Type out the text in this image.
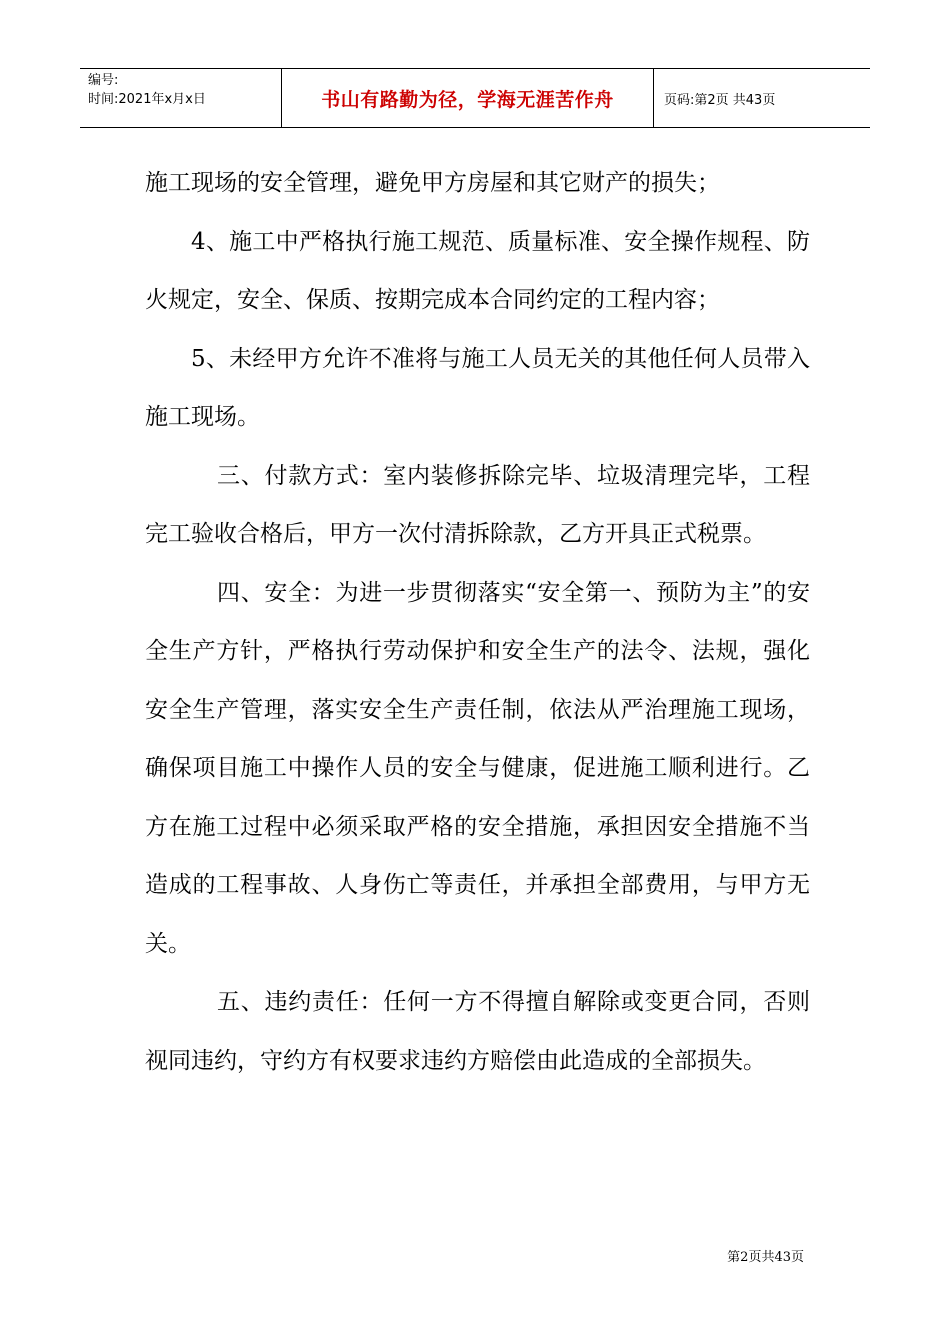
编号:
时间:2021年x月x日	书山有路勤为径，学海无涯苦作舟	页码:第2页 共43页

施工现场的安全管理，避免甲方房屋和其它财产的损失；

4、施工中严格执行施工规范、质量标准、安全操作规程、防火规定，安全、保质、按期完成本合同约定的工程内容；

5、未经甲方允许不准将与施工人员无关的其他任何人员带入施工现场。

三、付款方式：室内装修拆除完毕、垃圾清理完毕，工程完工验收合格后，甲方一次付清拆除款，乙方开具正式税票。

四、安全：为进一步贯彻落实“安全第一、预防为主”的安全生产方针，严格执行劳动保护和安全生产的法令、法规，强化安全生产管理，落实安全生产责任制，依法从严治理施工现场，确保项目施工中操作人员的安全与健康，促进施工顺利进行。乙方在施工过程中必须采取严格的安全措施，承担因安全措施不当造成的工程事故、人身伤亡等责任，并承担全部费用，与甲方无关。

五、违约责任：任何一方不得擅自解除或变更合同，否则视同违约，守约方有权要求违约方赔偿由此造成的全部损失。

第2页共43页
